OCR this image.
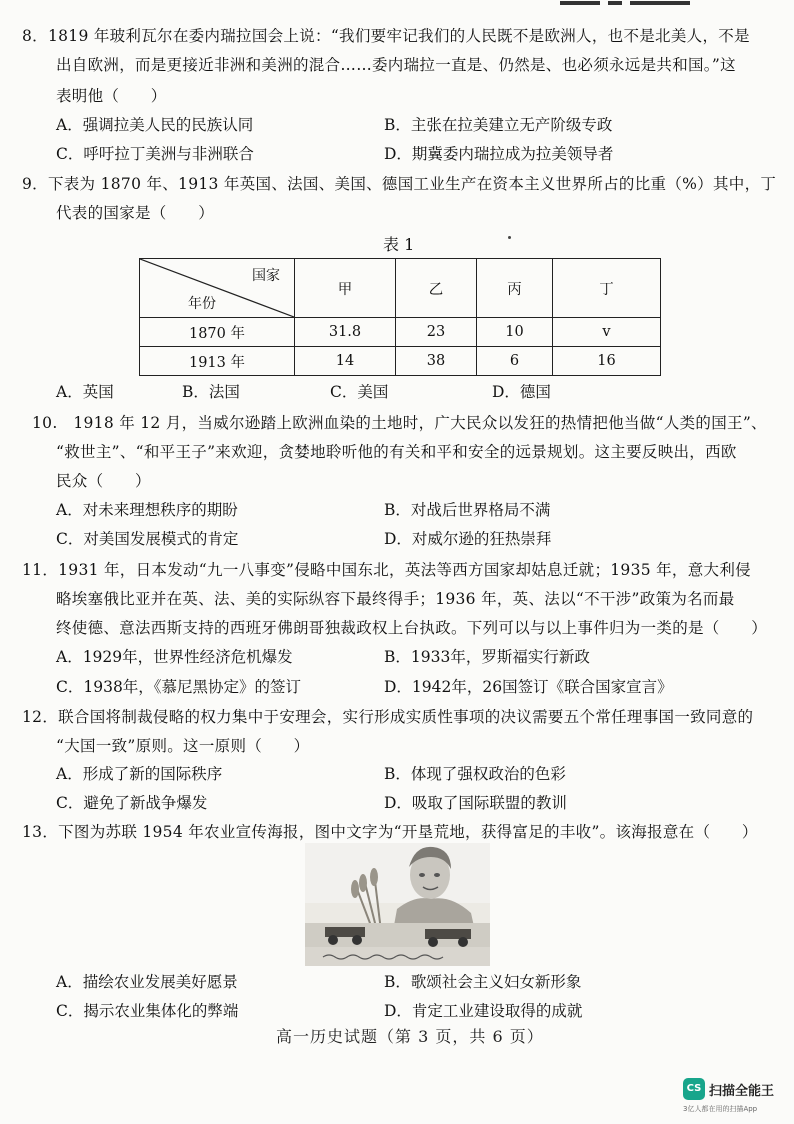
8．1819 年玻利瓦尔在委内瑞拉国会上说：“我们要牢记我们的人民既不是欧洲人，也不是北美人，不是
出自欧洲，而是更接近非洲和美洲的混合……委内瑞拉一直是、仍然是、也必须永远是共和国。”这
表明他（　　）
A．强调拉美人民的民族认同	B．主张在拉美建立无产阶级专政
C．呼吁拉丁美洲与非洲联合	D．期冀委内瑞拉成为拉美领导者
9．下表为 1870 年、1913 年英国、法国、美国、德国工业生产在资本主义世界所占的比重（%）其中，丁
代表的国家是（　　）
表 1
国家
年份	甲	乙	丙	丁
1870 年	31.8	23	10	v
1913 年	14	38	6	16
A．英国	B．法国	C．美国	D．德国
10.　1918 年 12 月，当威尔逊踏上欧洲血染的土地时，广大民众以发狂的热情把他当做“人类的国王”、
“救世主”、“和平王子”来欢迎，贪婪地聆听他的有关和平和安全的远景规划。这主要反映出，西欧
民众（　　）
A．对未来理想秩序的期盼	B．对战后世界格局不满
C．对美国发展模式的肯定	D．对威尔逊的狂热崇拜
11．1931 年，日本发动“九一八事变”侵略中国东北，英法等西方国家却姑息迁就；1935 年，意大利侵
略埃塞俄比亚并在英、法、美的实际纵容下最终得手；1936 年，英、法以“不干涉”政策为名而最
终使德、意法西斯支持的西班牙佛朗哥独裁政权上台执政。下列可以与以上事件归为一类的是（　　）
A．1929年，世界性经济危机爆发	B．1933年，罗斯福实行新政
C．1938年，《慕尼黑协定》的签订	D．1942年，26国签订《联合国家宣言》
12．联合国将制裁侵略的权力集中于安理会，实行形成实质性事项的决议需要五个常任理事国一致同意的
“大国一致”原则。这一原则（　　）
A．形成了新的国际秩序	B．体现了强权政治的色彩
C．避免了新战争爆发	D．吸取了国际联盟的教训
13．下图为苏联 1954 年农业宣传海报，图中文字为“开垦荒地，获得富足的丰收”。该海报意在（　　）
A．描绘农业发展美好愿景	B．歌颂社会主义妇女新形象
C．揭示农业集体化的弊端	D．肯定工业建设取得的成就
高一历史试题（第 3 页，共 6 页）
CS 扫描全能王
3亿人都在用的扫描App
